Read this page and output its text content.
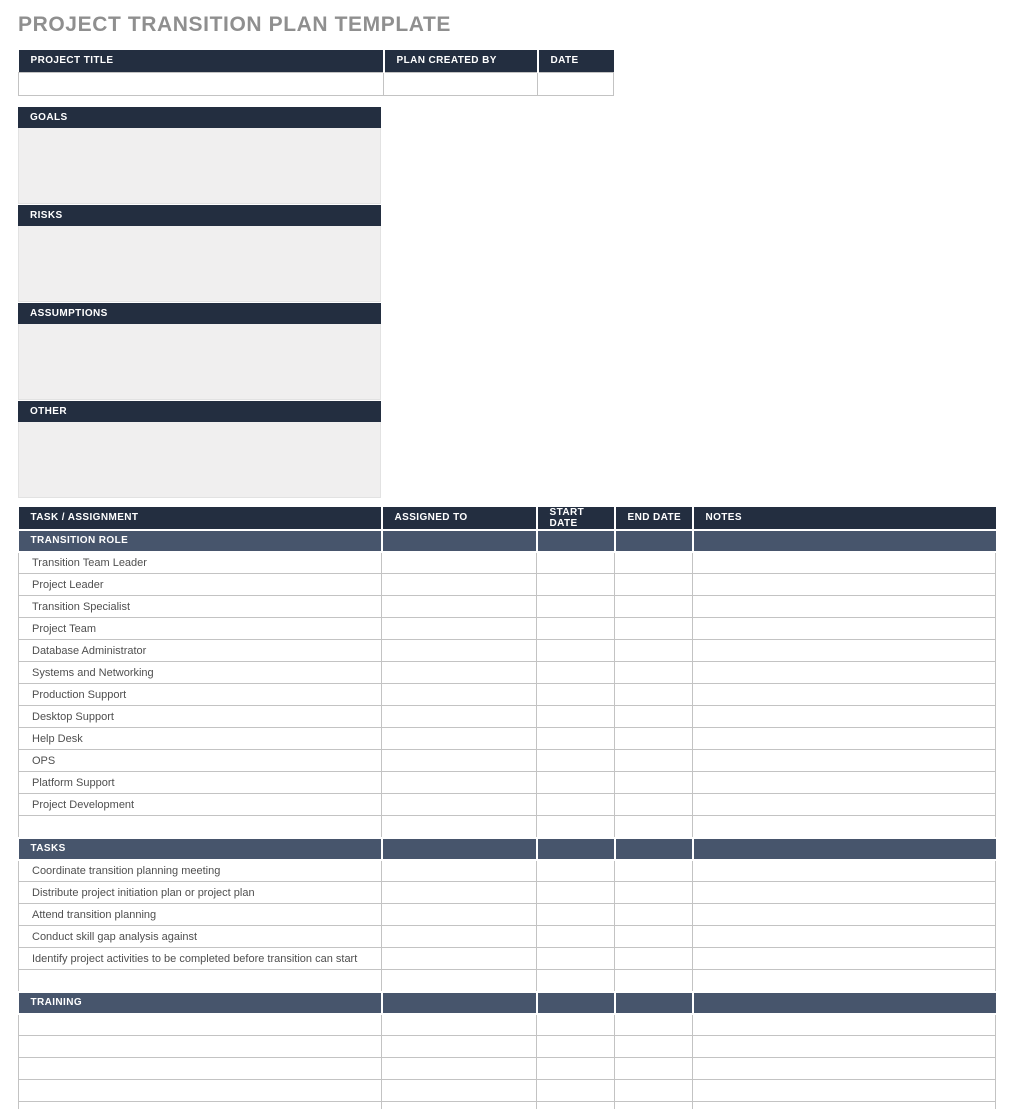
PROJECT TRANSITION PLAN TEMPLATE
PROJECT TITLE	PLAN CREATED BY	DATE

GOALS
RISKS
ASSUMPTIONS
OTHER
TASK / ASSIGNMENT	ASSIGNED TO	START DATE	END DATE	NOTES
TRANSITION ROLE				
Transition Team Leader				
Project Leader				
Transition Specialist				
Project Team				
Database Administrator				
Systems and Networking				
Production Support				
Desktop Support				
Help Desk				
OPS				
Platform Support				
Project Development				

TASKS				
Coordinate transition planning meeting				
Distribute project initiation plan or project plan				
Attend transition planning				
Conduct skill gap analysis against				
Identify project activities to be completed before transition can start				

TRAINING				
